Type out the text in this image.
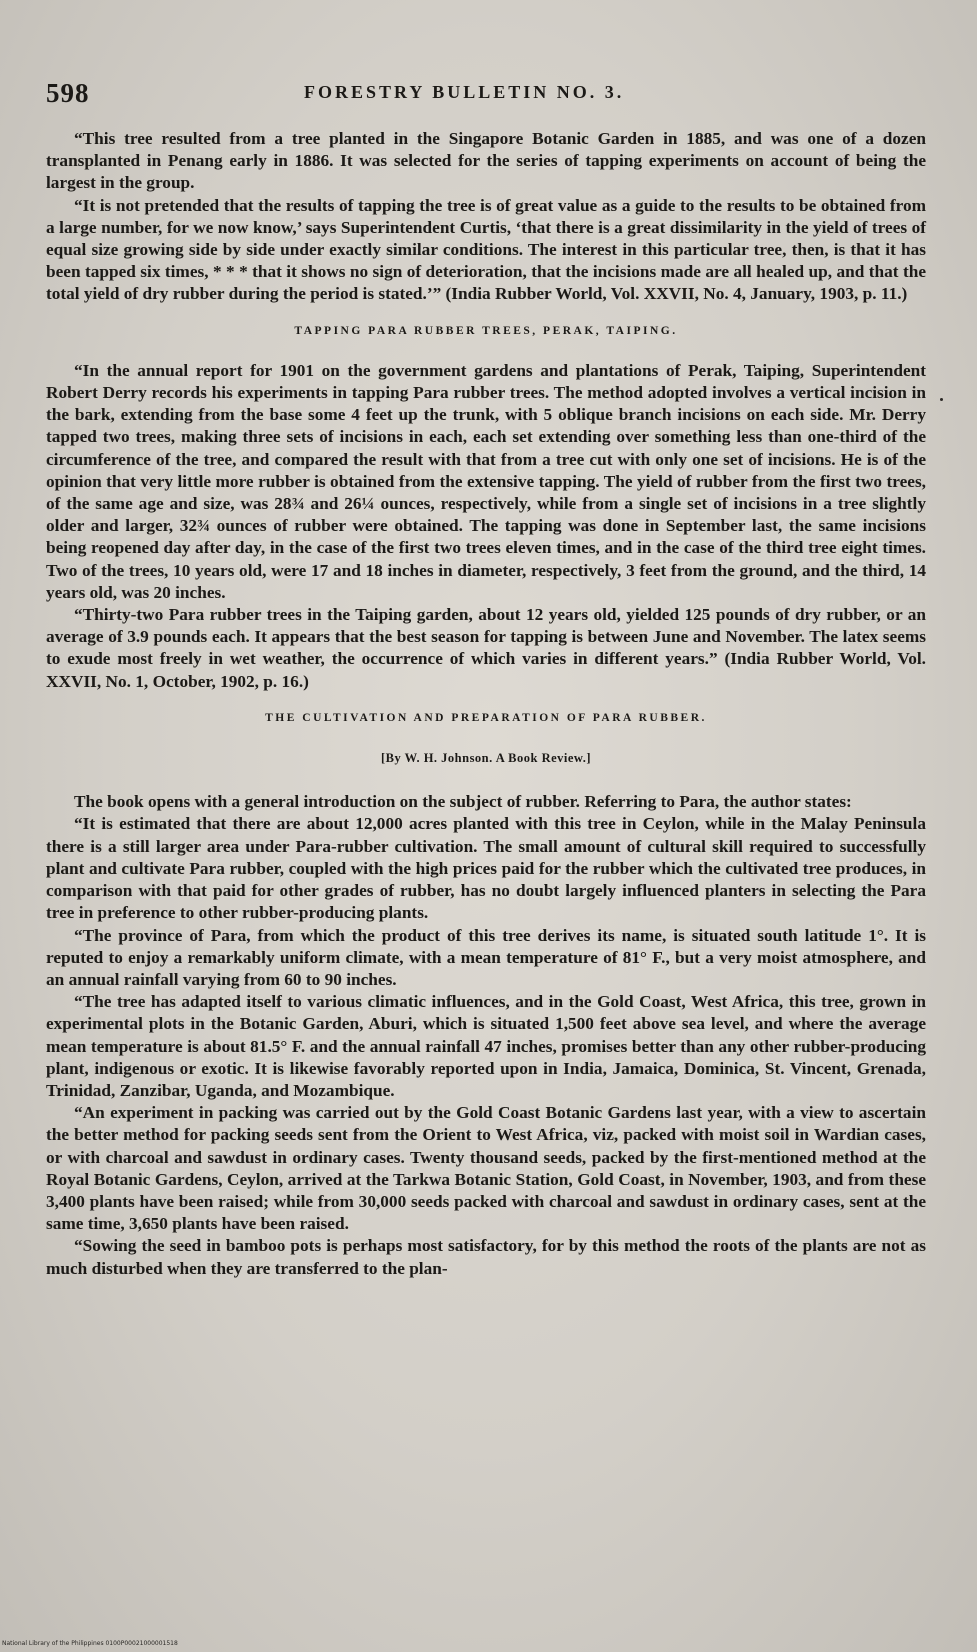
598	FORESTRY BULLETIN NO. 3.

“This tree resulted from a tree planted in the Singapore Botanic Garden in 1885, and was one of a dozen transplanted in Penang early in 1886. It was selected for the series of tapping experiments on account of being the largest in the group.

“It is not pretended that the results of tapping the tree is of great value as a guide to the results to be obtained from a large number, for we now know,’ says Superintendent Curtis, ‘that there is a great dissimilarity in the yield of trees of equal size growing side by side under exactly similar conditions. The interest in this particular tree, then, is that it has been tapped six times, * * * that it shows no sign of deterioration, that the incisions made are all healed up, and that the total yield of dry rubber during the period is stated.’” (India Rubber World, Vol. XXVII, No. 4, January, 1903, p. 11.)

TAPPING PARA RUBBER TREES, PERAK, TAIPING.

“In the annual report for 1901 on the government gardens and plantations of Perak, Taiping, Superintendent Robert Derry records his experiments in tapping Para rubber trees. The method adopted involves a vertical incision in the bark, extending from the base some 4 feet up the trunk, with 5 oblique branch incisions on each side. Mr. Derry tapped two trees, making three sets of incisions in each, each set extending over something less than one-third of the circumference of the tree, and compared the result with that from a tree cut with only one set of incisions. He is of the opinion that very little more rubber is obtained from the extensive tapping. The yield of rubber from the first two trees, of the same age and size, was 28¾ and 26¼ ounces, respectively, while from a single set of incisions in a tree slightly older and larger, 32¾ ounces of rubber were obtained. The tapping was done in September last, the same incisions being reopened day after day, in the case of the first two trees eleven times, and in the case of the third tree eight times. Two of the trees, 10 years old, were 17 and 18 inches in diameter, respectively, 3 feet from the ground, and the third, 14 years old, was 20 inches.

“Thirty-two Para rubber trees in the Taiping garden, about 12 years old, yielded 125 pounds of dry rubber, or an average of 3.9 pounds each. It appears that the best season for tapping is between June and November. The latex seems to exude most freely in wet weather, the occurrence of which varies in different years.” (India Rubber World, Vol. XXVII, No. 1, October, 1902, p. 16.)

THE CULTIVATION AND PREPARATION OF PARA RUBBER.

[By W. H. Johnson. A Book Review.]

The book opens with a general introduction on the subject of rubber. Referring to Para, the author states:

“It is estimated that there are about 12,000 acres planted with this tree in Ceylon, while in the Malay Peninsula there is a still larger area under Para-rubber cultivation. The small amount of cultural skill required to successfully plant and cultivate Para rubber, coupled with the high prices paid for the rubber which the cultivated tree produces, in comparison with that paid for other grades of rubber, has no doubt largely influenced planters in selecting the Para tree in preference to other rubber-producing plants.

“The province of Para, from which the product of this tree derives its name, is situated south latitude 1°. It is reputed to enjoy a remarkably uniform climate, with a mean temperature of 81° F., but a very moist atmosphere, and an annual rainfall varying from 60 to 90 inches.

“The tree has adapted itself to various climatic influences, and in the Gold Coast, West Africa, this tree, grown in experimental plots in the Botanic Garden, Aburi, which is situated 1,500 feet above sea level, and where the average mean temperature is about 81.5° F. and the annual rainfall 47 inches, promises better than any other rubber-producing plant, indigenous or exotic. It is likewise favorably reported upon in India, Jamaica, Dominica, St. Vincent, Grenada, Trinidad, Zanzibar, Uganda, and Mozambique.

“An experiment in packing was carried out by the Gold Coast Botanic Gardens last year, with a view to ascertain the better method for packing seeds sent from the Orient to West Africa, viz, packed with moist soil in Wardian cases, or with charcoal and sawdust in ordinary cases. Twenty thousand seeds, packed by the first-mentioned method at the Royal Botanic Gardens, Ceylon, arrived at the Tarkwa Botanic Station, Gold Coast, in November, 1903, and from these 3,400 plants have been raised; while from 30,000 seeds packed with charcoal and sawdust in ordinary cases, sent at the same time, 3,650 plants have been raised.

“Sowing the seed in bamboo pots is perhaps most satisfactory, for by this method the roots of the plants are not as much disturbed when they are transferred to the plan-

National Library of the Philippines 0100P00021000001518
